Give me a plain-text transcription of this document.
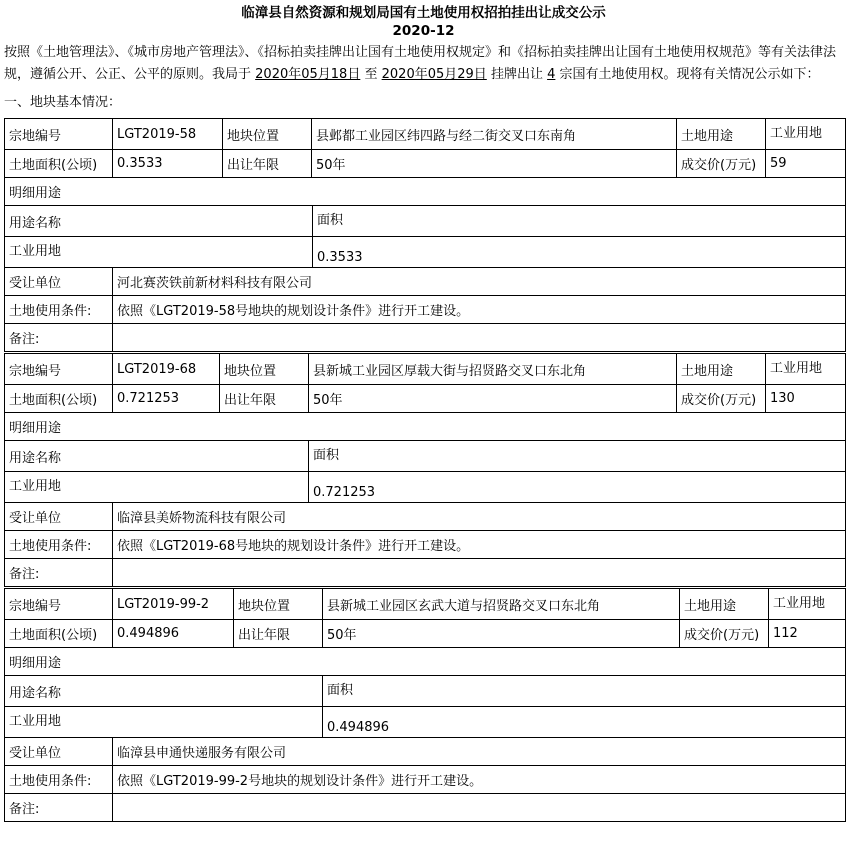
临漳县自然资源和规划局国有土地使用权招拍挂出让成交公示
2020-12
按照《土地管理法》、《城市房地产管理法》、《招标拍卖挂牌出让国有土地使用权规定》和《招标拍卖挂牌出让国有土地使用权规范》等有关法律法规，遵循公开、公正、公平的原则。我局于 2020年05月18日 至 2020年05月29日 挂牌出让 4 宗国有土地使用权。现将有关情况公示如下：
一、地块基本情况：
宗地编号	LGT2019-58	地块位置	县邺都工业园区纬四路与经二街交叉口东南角	土地用途	工业用地
土地面积(公顷)	0.3533	出让年限	50年	成交价(万元)	59
明细用途	
用途名称	面积
工业用地	0.3533
受让单位	河北赛茨铁前新材料科技有限公司
土地使用条件:	依照《LGT2019-58号地块的规划设计条件》进行开工建设。
备注:	
宗地编号	LGT2019-68	地块位置	县新城工业园区厚载大街与招贤路交叉口东北角	土地用途	工业用地
土地面积(公顷)	0.721253	出让年限	50年	成交价(万元)	130
明细用途	
用途名称	面积
工业用地	0.721253
受让单位	临漳县美娇物流科技有限公司
土地使用条件:	依照《LGT2019-68号地块的规划设计条件》进行开工建设。
备注:	
宗地编号	LGT2019-99-2	地块位置	县新城工业园区玄武大道与招贤路交叉口东北角	土地用途	工业用地
土地面积(公顷)	0.494896	出让年限	50年	成交价(万元)	112
明细用途	
用途名称	面积
工业用地	0.494896
受让单位	临漳县申通快递服务有限公司
土地使用条件:	依照《LGT2019-99-2号地块的规划设计条件》进行开工建设。
备注:	
